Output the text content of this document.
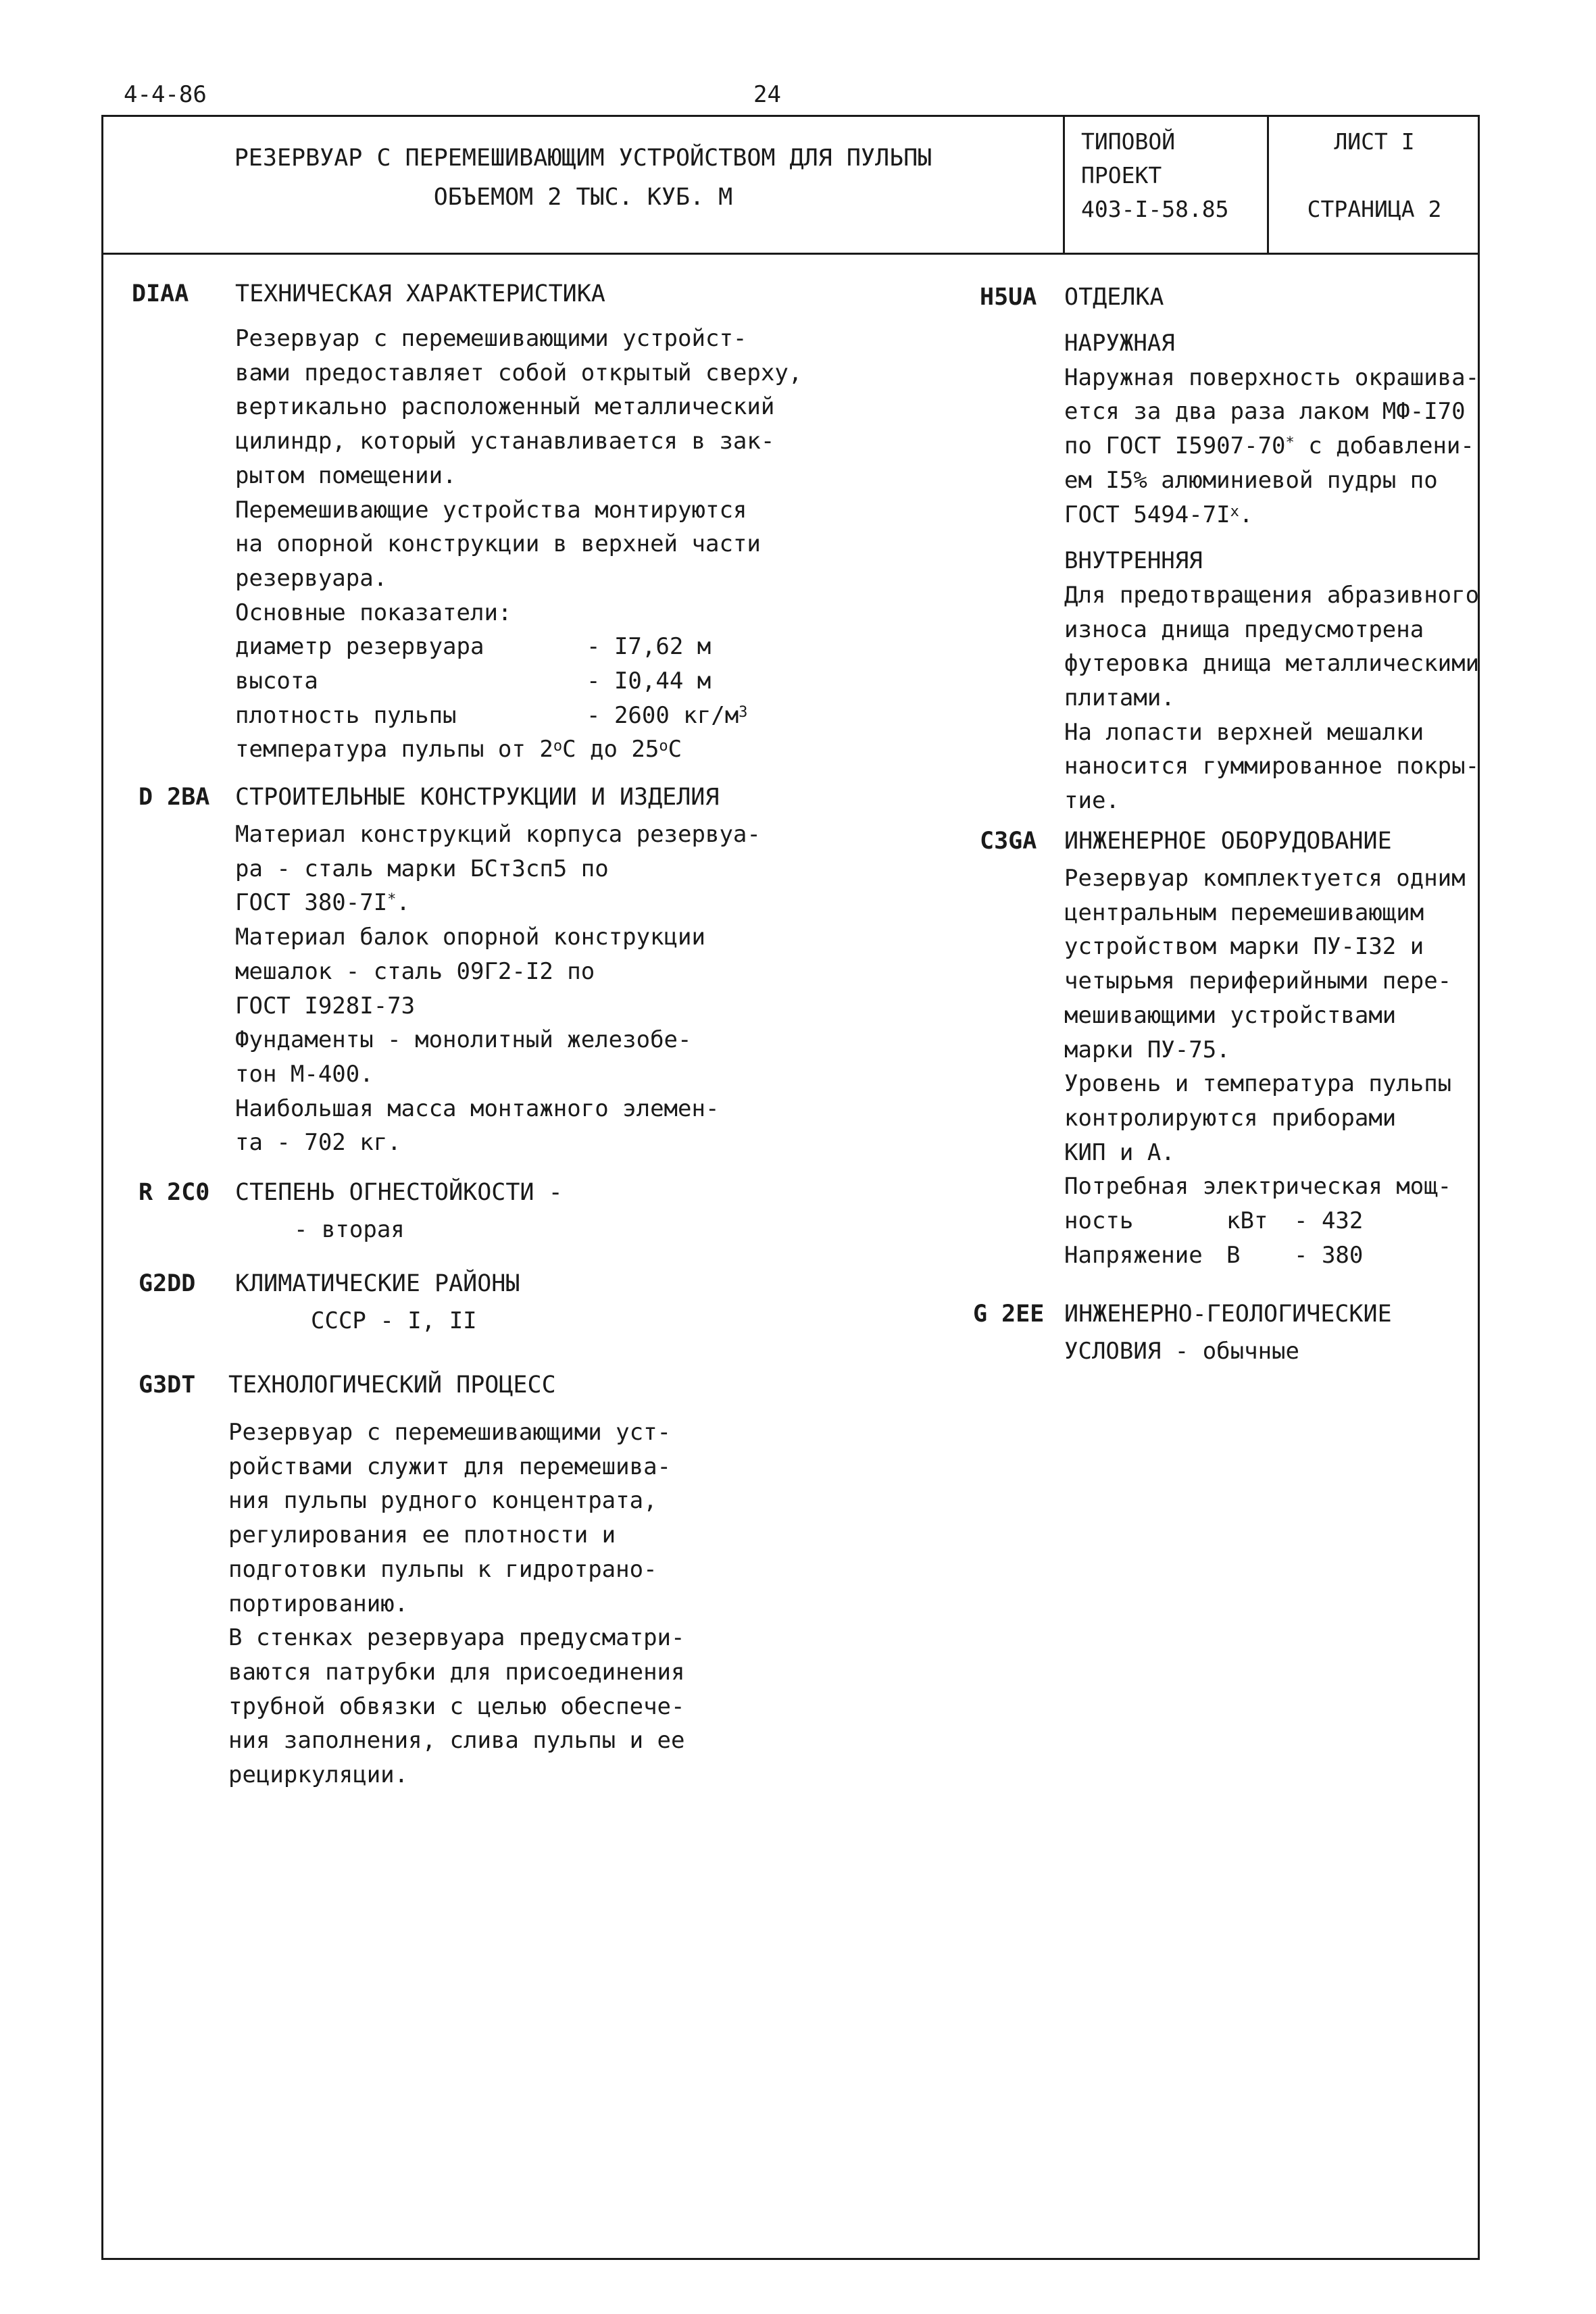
4-4-86	24
РЕЗЕРВУАР С ПЕРЕМЕШИВАЮЩИМ УСТРОЙСТВОМ ДЛЯ ПУЛЬПЫ
ОБЪЕМОМ 2 ТЫС. КУБ. М
ТИПОВОЙ
ПРОЕКТ
403-I-58.85
ЛИСТ I
СТРАНИЦА 2
DIAA ТЕХНИЧЕСКАЯ ХАРАКТЕРИСТИКА
Резервуар с перемешивающими устройст-
вами предоставляет собой открытый сверху,
вертикально расположенный металлический
цилиндр, который устанавливается в зак-
рытом помещении.
Перемешивающие устройства монтируются
на опорной конструкции в верхней части
резервуара.
Основные показатели:
диаметр резервуара	- I7,62 м
высота	- I0,44 м
плотность пульпы	- 2600 $кг/м^3$
температура пульпы от 2$^o$С до 25$^o$С
D 2BA СТРОИТЕЛЬНЫЕ КОНСТРУКЦИИ И ИЗДЕЛИЯ
Материал конструкций корпуса резервуа-
ра - сталь марки БСт3сп5 по
ГОСТ 380-7I*.
Материал балок опорной конструкции
мешалок - сталь 09Г2-I2 по
ГОСТ I928I-73
Фундаменты - монолитный железобе-
тон М-400.
Наибольшая масса монтажного элемен-
та - 702 кг.
R 2C0 СТЕПЕНЬ ОГНЕСТОЙКОСТИ -
- вторая
G2DD КЛИМАТИЧЕСКИЕ РАЙОНЫ
СССР - I, II
G3DT ТЕХНОЛОГИЧЕСКИЙ ПРОЦЕСС
Резервуар с перемешивающими уст-
ройствами служит для перемешива-
ния пульпы рудного концентрата,
регулирования ее плотности и
подготовки пульпы к гидротрано-
портированию.
В стенках резервуара предусматри-
ваются патрубки для присоединения
трубной обвязки с целью обеспече-
ния заполнения, слива пульпы и ее
рециркуляции.
H5UA ОТДЕЛКА
НАРУЖНАЯ
Наружная поверхность окрашива-
ется за два раза лаком МФ-I70
по ГОСТ I5907-70* с добавлени-
ем I5% алюминиевой пудры по
ГОСТ $5494-7I^x$.
ВНУТРЕННЯЯ
Для предотвращения абразивного
износа днища предусмотрена
футеровка днища металлическими
плитами.
На лопасти верхней мешалки
наносится гуммированное покры-
тие.
C3GA ИНЖЕНЕРНОЕ ОБОРУДОВАНИЕ
Резервуар комплектуется одним
центральным перемешивающим
устройством марки ПУ-I32 и
четырьмя периферийными пере-
мешивающими устройствами
марки ПУ-75.
Уровень и температура пульпы
контролируются приборами
КИП и А.
Потребная электрическая мощ-
ность	кВт	- 432
Напряжение	В	- 380
G 2EE ИНЖЕНЕРНО-ГЕОЛОГИЧЕСКИЕ
УСЛОВИЯ - обычные
